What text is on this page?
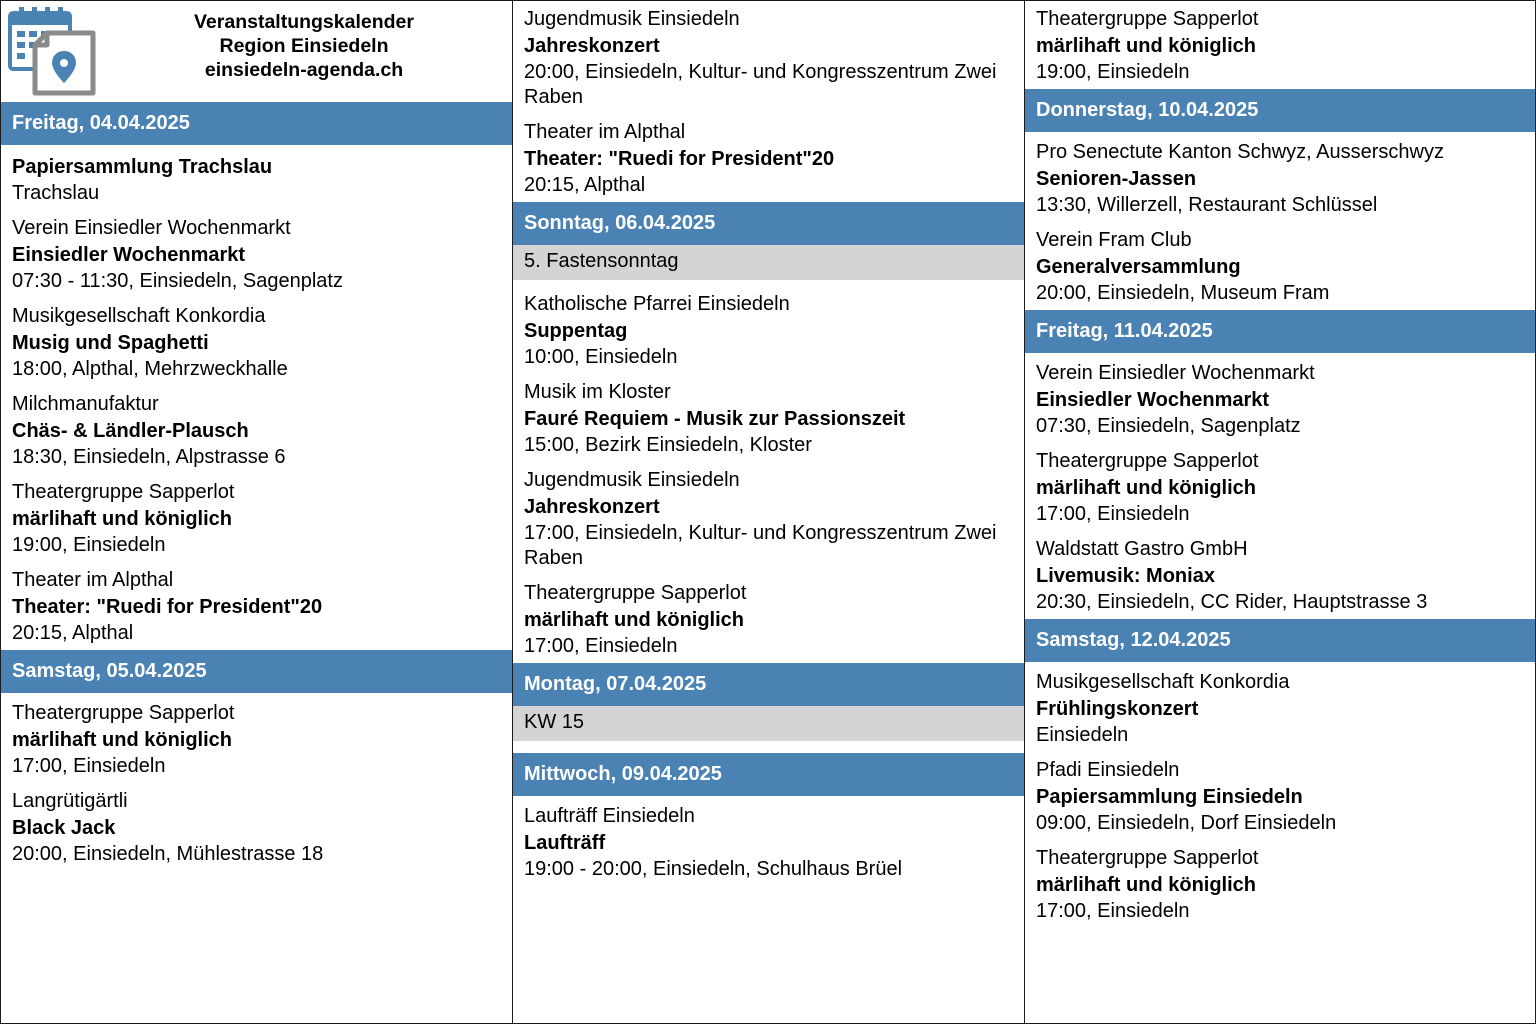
Veranstaltungskalender
Region Einsiedeln
einsiedeln-agenda.ch
Freitag, 04.04.2025
Papiersammlung Trachslau
Trachslau
Verein Einsiedler Wochenmarkt
Einsiedler Wochenmarkt
07:30 - 11:30, Einsiedeln, Sagenplatz
Musikgesellschaft Konkordia
Musig und Spaghetti
18:00, Alpthal, Mehrzweckhalle
Milchmanufaktur
Chäs- & Ländler-Plausch
18:30, Einsiedeln, Alpstrasse 6
Theatergruppe Sapperlot
märlihaft und königlich
19:00, Einsiedeln
Theater im Alpthal
Theater: "Ruedi for President"20
20:15, Alpthal
Samstag, 05.04.2025
Theatergruppe Sapperlot
märlihaft und königlich
17:00, Einsiedeln
Langrütigärtli
Black Jack
20:00, Einsiedeln, Mühlestrasse 18
Jugendmusik Einsiedeln
Jahreskonzert
20:00, Einsiedeln, Kultur- und Kongresszentrum Zwei Raben
Theater im Alpthal
Theater: "Ruedi for President"20
20:15, Alpthal
Sonntag, 06.04.2025
5. Fastensonntag
Katholische Pfarrei Einsiedeln
Suppentag
10:00, Einsiedeln
Musik im Kloster
Fauré Requiem - Musik zur Passionszeit
15:00, Bezirk Einsiedeln, Kloster
Jugendmusik Einsiedeln
Jahreskonzert
17:00, Einsiedeln, Kultur- und Kongresszentrum Zwei Raben
Theatergruppe Sapperlot
märlihaft und königlich
17:00, Einsiedeln
Montag, 07.04.2025
KW 15
Mittwoch, 09.04.2025
Laufträff Einsiedeln
Laufträff
19:00 - 20:00, Einsiedeln, Schulhaus Brüel
Theatergruppe Sapperlot
märlihaft und königlich
19:00, Einsiedeln
Donnerstag, 10.04.2025
Pro Senectute Kanton Schwyz, Ausserschwyz
Senioren-Jassen
13:30, Willerzell, Restaurant Schlüssel
Verein Fram Club
Generalversammlung
20:00, Einsiedeln, Museum Fram
Freitag, 11.04.2025
Verein Einsiedler Wochenmarkt
Einsiedler Wochenmarkt
07:30, Einsiedeln, Sagenplatz
Theatergruppe Sapperlot
märlihaft und königlich
17:00, Einsiedeln
Waldstatt Gastro GmbH
Livemusik: Moniax
20:30, Einsiedeln, CC Rider, Hauptstrasse 3
Samstag, 12.04.2025
Musikgesellschaft Konkordia
Frühlingskonzert
Einsiedeln
Pfadi Einsiedeln
Papiersammlung Einsiedeln
09:00, Einsiedeln, Dorf Einsiedeln
Theatergruppe Sapperlot
märlihaft und königlich
17:00, Einsiedeln
